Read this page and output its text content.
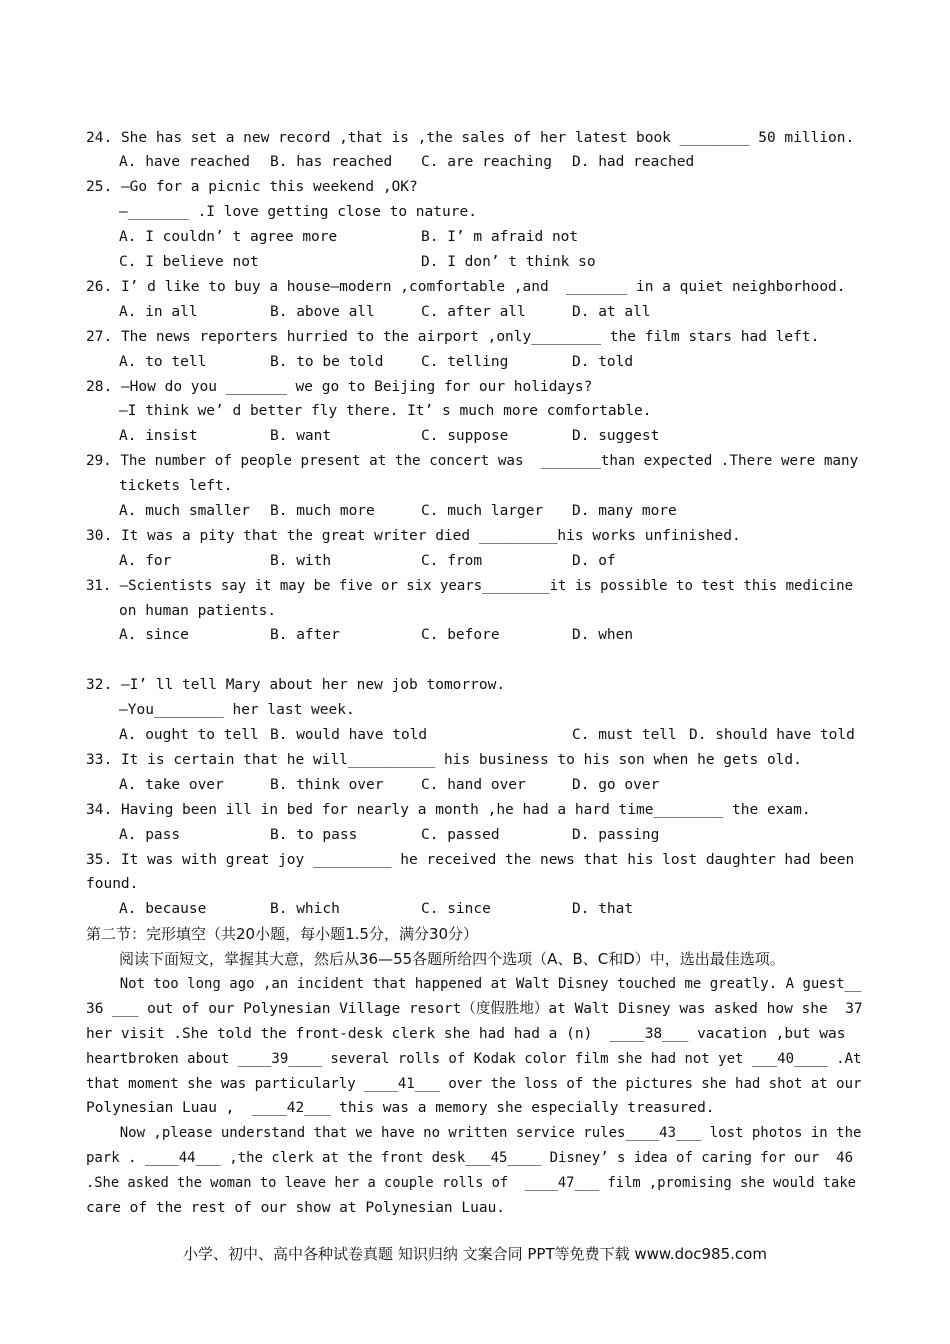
24. She has set a new record ,that is ,the sales of her latest book ________ 50 million.
A. have reached B. has reached C. are reaching D. had reached
25. —Go for a picnic this weekend ,OK?
—_______ .I love getting close to nature.
A. I couldn’ t agree more	B. I’ m afraid not
C. I believe not	D. I don’ t think so
26. I’ d like to buy a house—modern ,comfortable ,and  _______ in a quiet neighborhood.
A. in all	B. above all	C. after all	D. at all
27. The news reporters hurried to the airport ,only________ the film stars had left.
A. to tell	B. to be told	C. telling	D. told
28. —How do you _______ we go to Beijing for our holidays?
—I think we’ d better fly there. It’ s much more comfortable.
A. insist	B. want	C. suppose	D. suggest
29. The number of people present at the concert was  _______than expected .There were many
tickets left.
A. much smaller B. much more	C. much larger D. many more
30. It was a pity that the great writer died _________his works unfinished.
A. for	B. with	C. from	D. of
31. —Scientists say it may be five or six years________it is possible to test this medicine
on human patients.
A. since	B. after	C. before	D. when
32. —I’ ll tell Mary about her new job tomorrow.
—You________ her last week.
A. ought to tell B. would have told	C. must tell D. should have told
33. It is certain that he will__________ his business to his son when he gets old.
A. take over	B. think over	C. hand over	D. go over
34. Having been ill in bed for nearly a month ,he had a hard time________ the exam.
A. pass	B. to pass	C. passed	D. passing
35. It was with great joy _________ he received the news that his lost daughter had been
found.
A. because	B. which	C. since	D. that
第二节：完形填空（共20小题，每小题1.5分，满分30分）
阅读下面短文，掌握其大意，然后从36—55各题所给四个选项（A、B、C和D）中，选出最佳选项。
Not too long ago ,an incident that happened at Walt Disney touched me greatly. A guest__
36 ___ out of our Polynesian Village resort（度假胜地）at Walt Disney was asked how she  37
her visit .She told the front-desk clerk she had had a (n)  ____38___ vacation ,but was
heartbroken about ____39____ several rolls of Kodak color film she had not yet ___40____ .At
that moment she was particularly ____41___ over the loss of the pictures she had shot at our
Polynesian Luau ,  ____42___ this was a memory she especially treasured.
Now ,please understand that we have no written service rules____43___ lost photos in the
park . ____44___ ,the clerk at the front desk___45____ Disney’ s idea of caring for our  46
.She asked the woman to leave her a couple rolls of  ____47___ film ,promising she would take
care of the rest of our show at Polynesian Luau.
小学、初中、高中各种试卷真题 知识归纳 文案合同 PPT等免费下载 www.doc985.com
